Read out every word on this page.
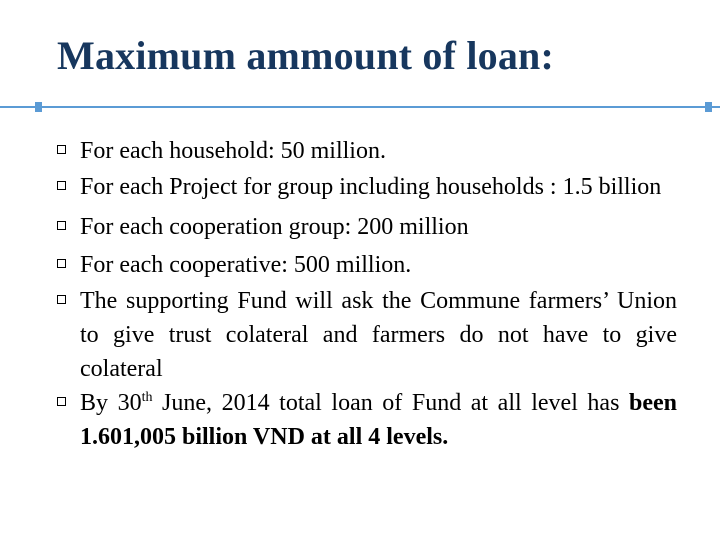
Maximum ammount of loan:
For each household: 50 million.
For each Project for group including households : 1.5 billion
For each cooperation group: 200 million
For each cooperative: 500 million.
The supporting Fund will ask the Commune farmers’ Union to give trust colateral and farmers do not have to give colateral
By 30th June, 2014 total loan of Fund at all level has been 1.601,005 billion VND at all 4 levels.
